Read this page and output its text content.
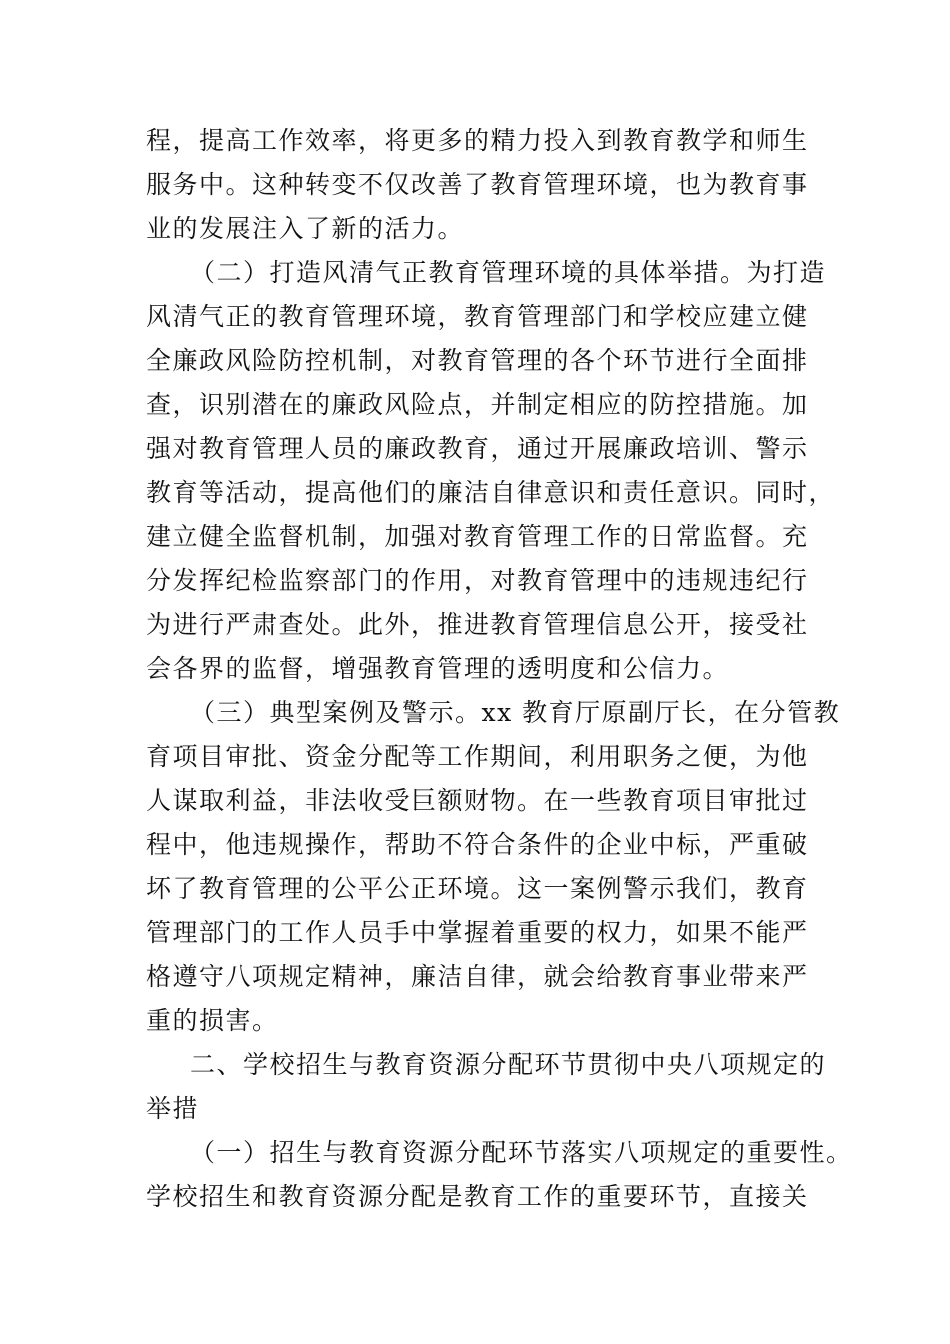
程，提高工作效率，将更多的精力投入到教育教学和师生
服务中。这种转变不仅改善了教育管理环境，也为教育事
业的发展注入了新的活力。
（二）打造风清气正教育管理环境的具体举措。为打造
风清气正的教育管理环境，教育管理部门和学校应建立健
全廉政风险防控机制，对教育管理的各个环节进行全面排
查，识别潜在的廉政风险点，并制定相应的防控措施。加
强对教育管理人员的廉政教育，通过开展廉政培训、警示
教育等活动，提高他们的廉洁自律意识和责任意识。同时，
建立健全监督机制，加强对教育管理工作的日常监督。充
分发挥纪检监察部门的作用，对教育管理中的违规违纪行
为进行严肃查处。此外，推进教育管理信息公开，接受社
会各界的监督，增强教育管理的透明度和公信力。
（三）典型案例及警示。xx 教育厅原副厅长，在分管教
育项目审批、资金分配等工作期间，利用职务之便，为他
人谋取利益，非法收受巨额财物。在一些教育项目审批过
程中，他违规操作，帮助不符合条件的企业中标，严重破
坏了教育管理的公平公正环境。这一案例警示我们，教育
管理部门的工作人员手中掌握着重要的权力，如果不能严
格遵守八项规定精神，廉洁自律，就会给教育事业带来严
重的损害。
二、学校招生与教育资源分配环节贯彻中央八项规定的
举措
（一）招生与教育资源分配环节落实八项规定的重要性。
学校招生和教育资源分配是教育工作的重要环节，直接关
